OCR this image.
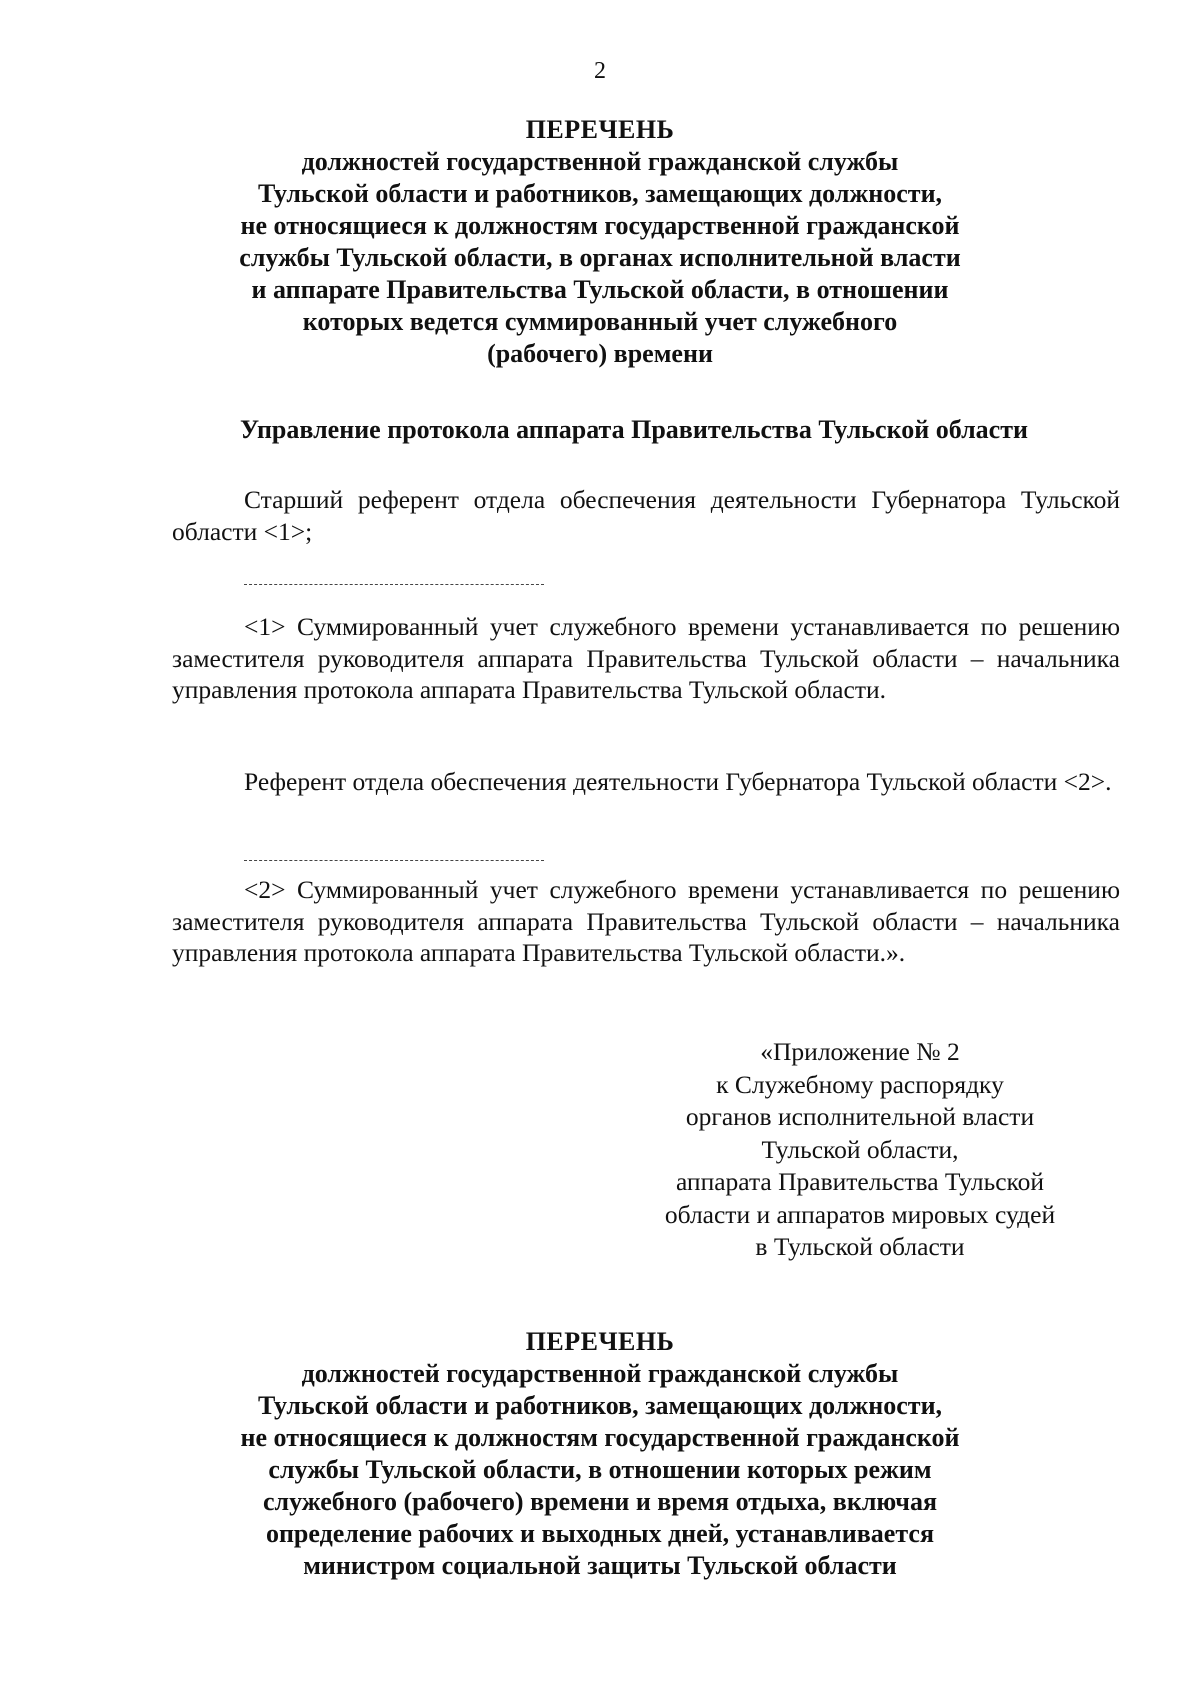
2
ПЕРЕЧЕНЬ
должностей государственной гражданской службы
Тульской области и работников, замещающих должности,
не относящиеся к должностям государственной гражданской
службы Тульской области, в органах исполнительной власти
и аппарате Правительства Тульской области, в отношении
которых ведется суммированный учет служебного
(рабочего) времени
Управление протокола аппарата Правительства Тульской области
Старший референт отдела обеспечения деятельности Губернатора Тульской области <1>;
<1> Суммированный учет служебного времени устанавливается по решению заместителя руководителя аппарата Правительства Тульской области – начальника управления протокола аппарата Правительства Тульской области.
Референт отдела обеспечения деятельности Губернатора Тульской области <2>.
<2> Суммированный учет служебного времени устанавливается по решению заместителя руководителя аппарата Правительства Тульской области – начальника управления протокола аппарата Правительства Тульской области.».
«Приложение № 2
к Служебному распорядку
органов исполнительной власти
Тульской области,
аппарата Правительства Тульской
области и аппаратов мировых судей
в Тульской области
ПЕРЕЧЕНЬ
должностей государственной гражданской службы
Тульской области и работников, замещающих должности,
не относящиеся к должностям государственной гражданской
службы Тульской области, в отношении которых режим
служебного (рабочего) времени и время отдыха, включая
определение рабочих и выходных дней, устанавливается
министром социальной защиты Тульской области
